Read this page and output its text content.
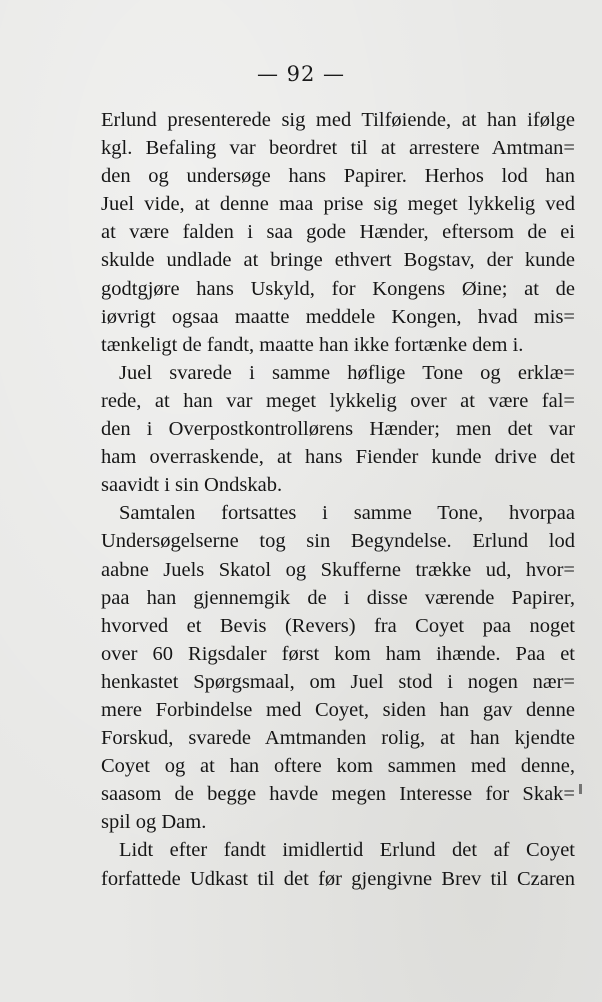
— 92 —
Erlund presenterede sig med Tilføiende, at han ifølge
kgl. Befaling var beordret til at arrestere Amtman=
den og undersøge hans Papirer. Herhos lod han
Juel vide, at denne maa prise sig meget lykkelig ved
at være falden i saa gode Hænder, eftersom de ei
skulde undlade at bringe ethvert Bogstav, der kunde
godtgjøre hans Uskyld, for Kongens Øine; at de
iøvrigt ogsaa maatte meddele Kongen, hvad mis=
tænkeligt de fandt, maatte han ikke fortænke dem i.
Juel svarede i samme høflige Tone og erklæ=
rede, at han var meget lykkelig over at være fal=
den i Overpostkontrollørens Hænder; men det var
ham overraskende, at hans Fiender kunde drive det
saavidt i sin Ondskab.
Samtalen fortsattes i samme Tone, hvorpaa
Undersøgelserne tog sin Begyndelse. Erlund lod
aabne Juels Skatol og Skufferne trække ud, hvor=
paa han gjennemgik de i disse værende Papirer,
hvorved et Bevis (Revers) fra Coyet paa noget
over 60 Rigsdaler først kom ham ihænde. Paa et
henkastet Spørgsmaal, om Juel stod i nogen nær=
mere Forbindelse med Coyet, siden han gav denne
Forskud, svarede Amtmanden rolig, at han kjendte
Coyet og at han oftere kom sammen med denne,
saasom de begge havde megen Interesse for Skak=
spil og Dam.
Lidt efter fandt imidlertid Erlund det af Coyet
forfattede Udkast til det før gjengivne Brev til Czaren
